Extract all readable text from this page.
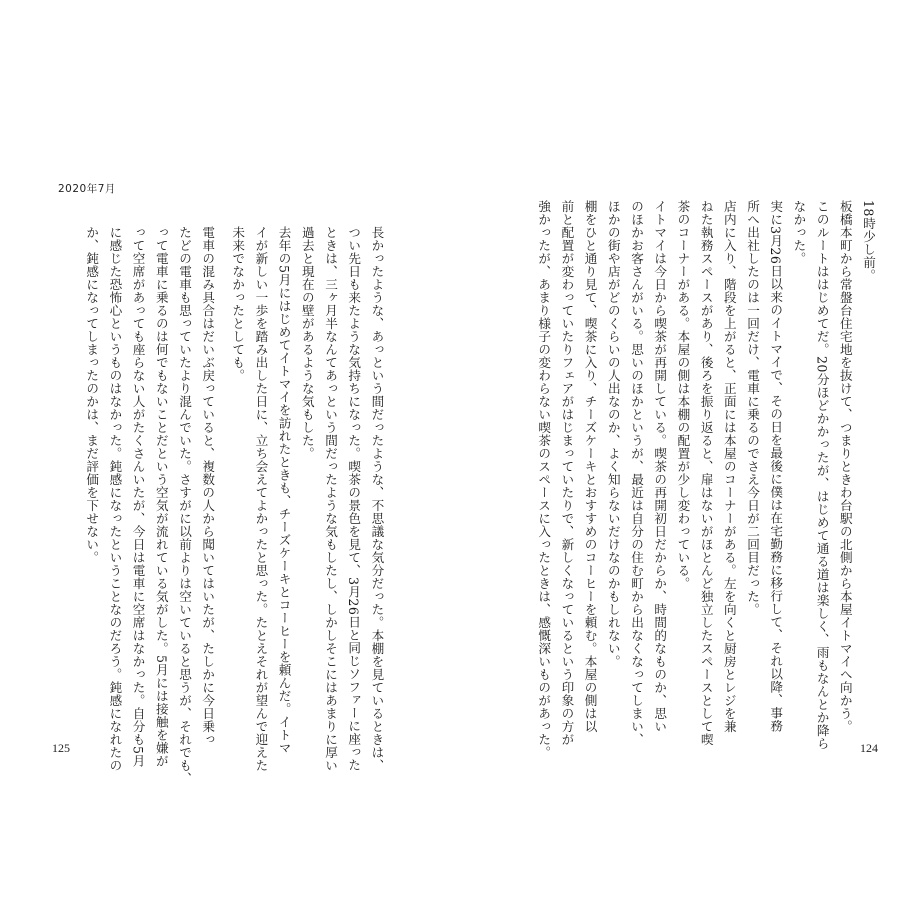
18時少し前。

板橋本町から常盤台住宅地を抜けて、つまりときわ台駅の北側から本屋イトマイへ向かう。

このルートははじめてだ。20分ほどかかったが、はじめて通る道は楽しく、雨もなんとか降ら

なかった。

実に3月26日以来のイトマイで、その日を最後に僕は在宅勤務に移行して、それ以降、事務

所へ出社したのは一回だけ、電車に乗るのでさえ今日が二回目だった。

店内に入り、階段を上がると、正面には本屋のコーナーがある。左を向くと厨房とレジを兼

ねた執務スペースがあり、後ろを振り返ると、扉はないがほとんど独立したスペースとして喫

茶のコーナーがある。本屋の側は本棚の配置が少し変わっている。

イトマイは今日から喫茶が再開している。喫茶の再開初日だからか、時間的なものか、思い

のほかお客さんがいる。思いのほかというが、最近は自分の住む町から出なくなってしまい、

ほかの街や店がどのくらいの人出なのか、よく知らないだけなのかもしれない。

棚をひと通り見て、喫茶に入り、チーズケーキとおすすめのコーヒーを頼む。本屋の側は以

前と配置が変わっていたりフェアがはじまっていたりで、新しくなっているという印象の方が

強かったが、あまり様子の変わらない喫茶のスペースに入ったときは、感慨深いものがあった。	124
2020年7月

長かったような、あっという間だったような、不思議な気分だった。本棚を見ているときは、

つい先日も来たような気持ちになった。喫茶の景色を見て、3月26日と同じソファーに座った

ときは、三ヶ月半なんてあっという間だったような気もしたし、しかしそこにはあまりに厚い

過去と現在の壁があるような気もした。

去年の5月にはじめてイトマイを訪れたときも、チーズケーキとコーヒーを頼んだ。イトマ

イが新しい一歩を踏み出した日に、立ち会えてよかったと思った。たとえそれが望んで迎えた

未来でなかったとしても。

電車の混み具合はだいぶ戻っていると、複数の人から聞いてはいたが、たしかに今日乗っ

たどの電車も思っていたより混んでいた。さすがに以前よりは空いていると思うが、それでも、

って電車に乗るのは何でもないことだという空気が流れている気がした。5月には接触を嫌が

って空席があっても座らない人がたくさんいたが、今日は電車に空席はなかった。自分も5月

に感じた恐怖心というものはなかった。鈍感になったということなのだろう。鈍感になれたの

か、鈍感になってしまったのかは、まだ評価を下せない。

125
